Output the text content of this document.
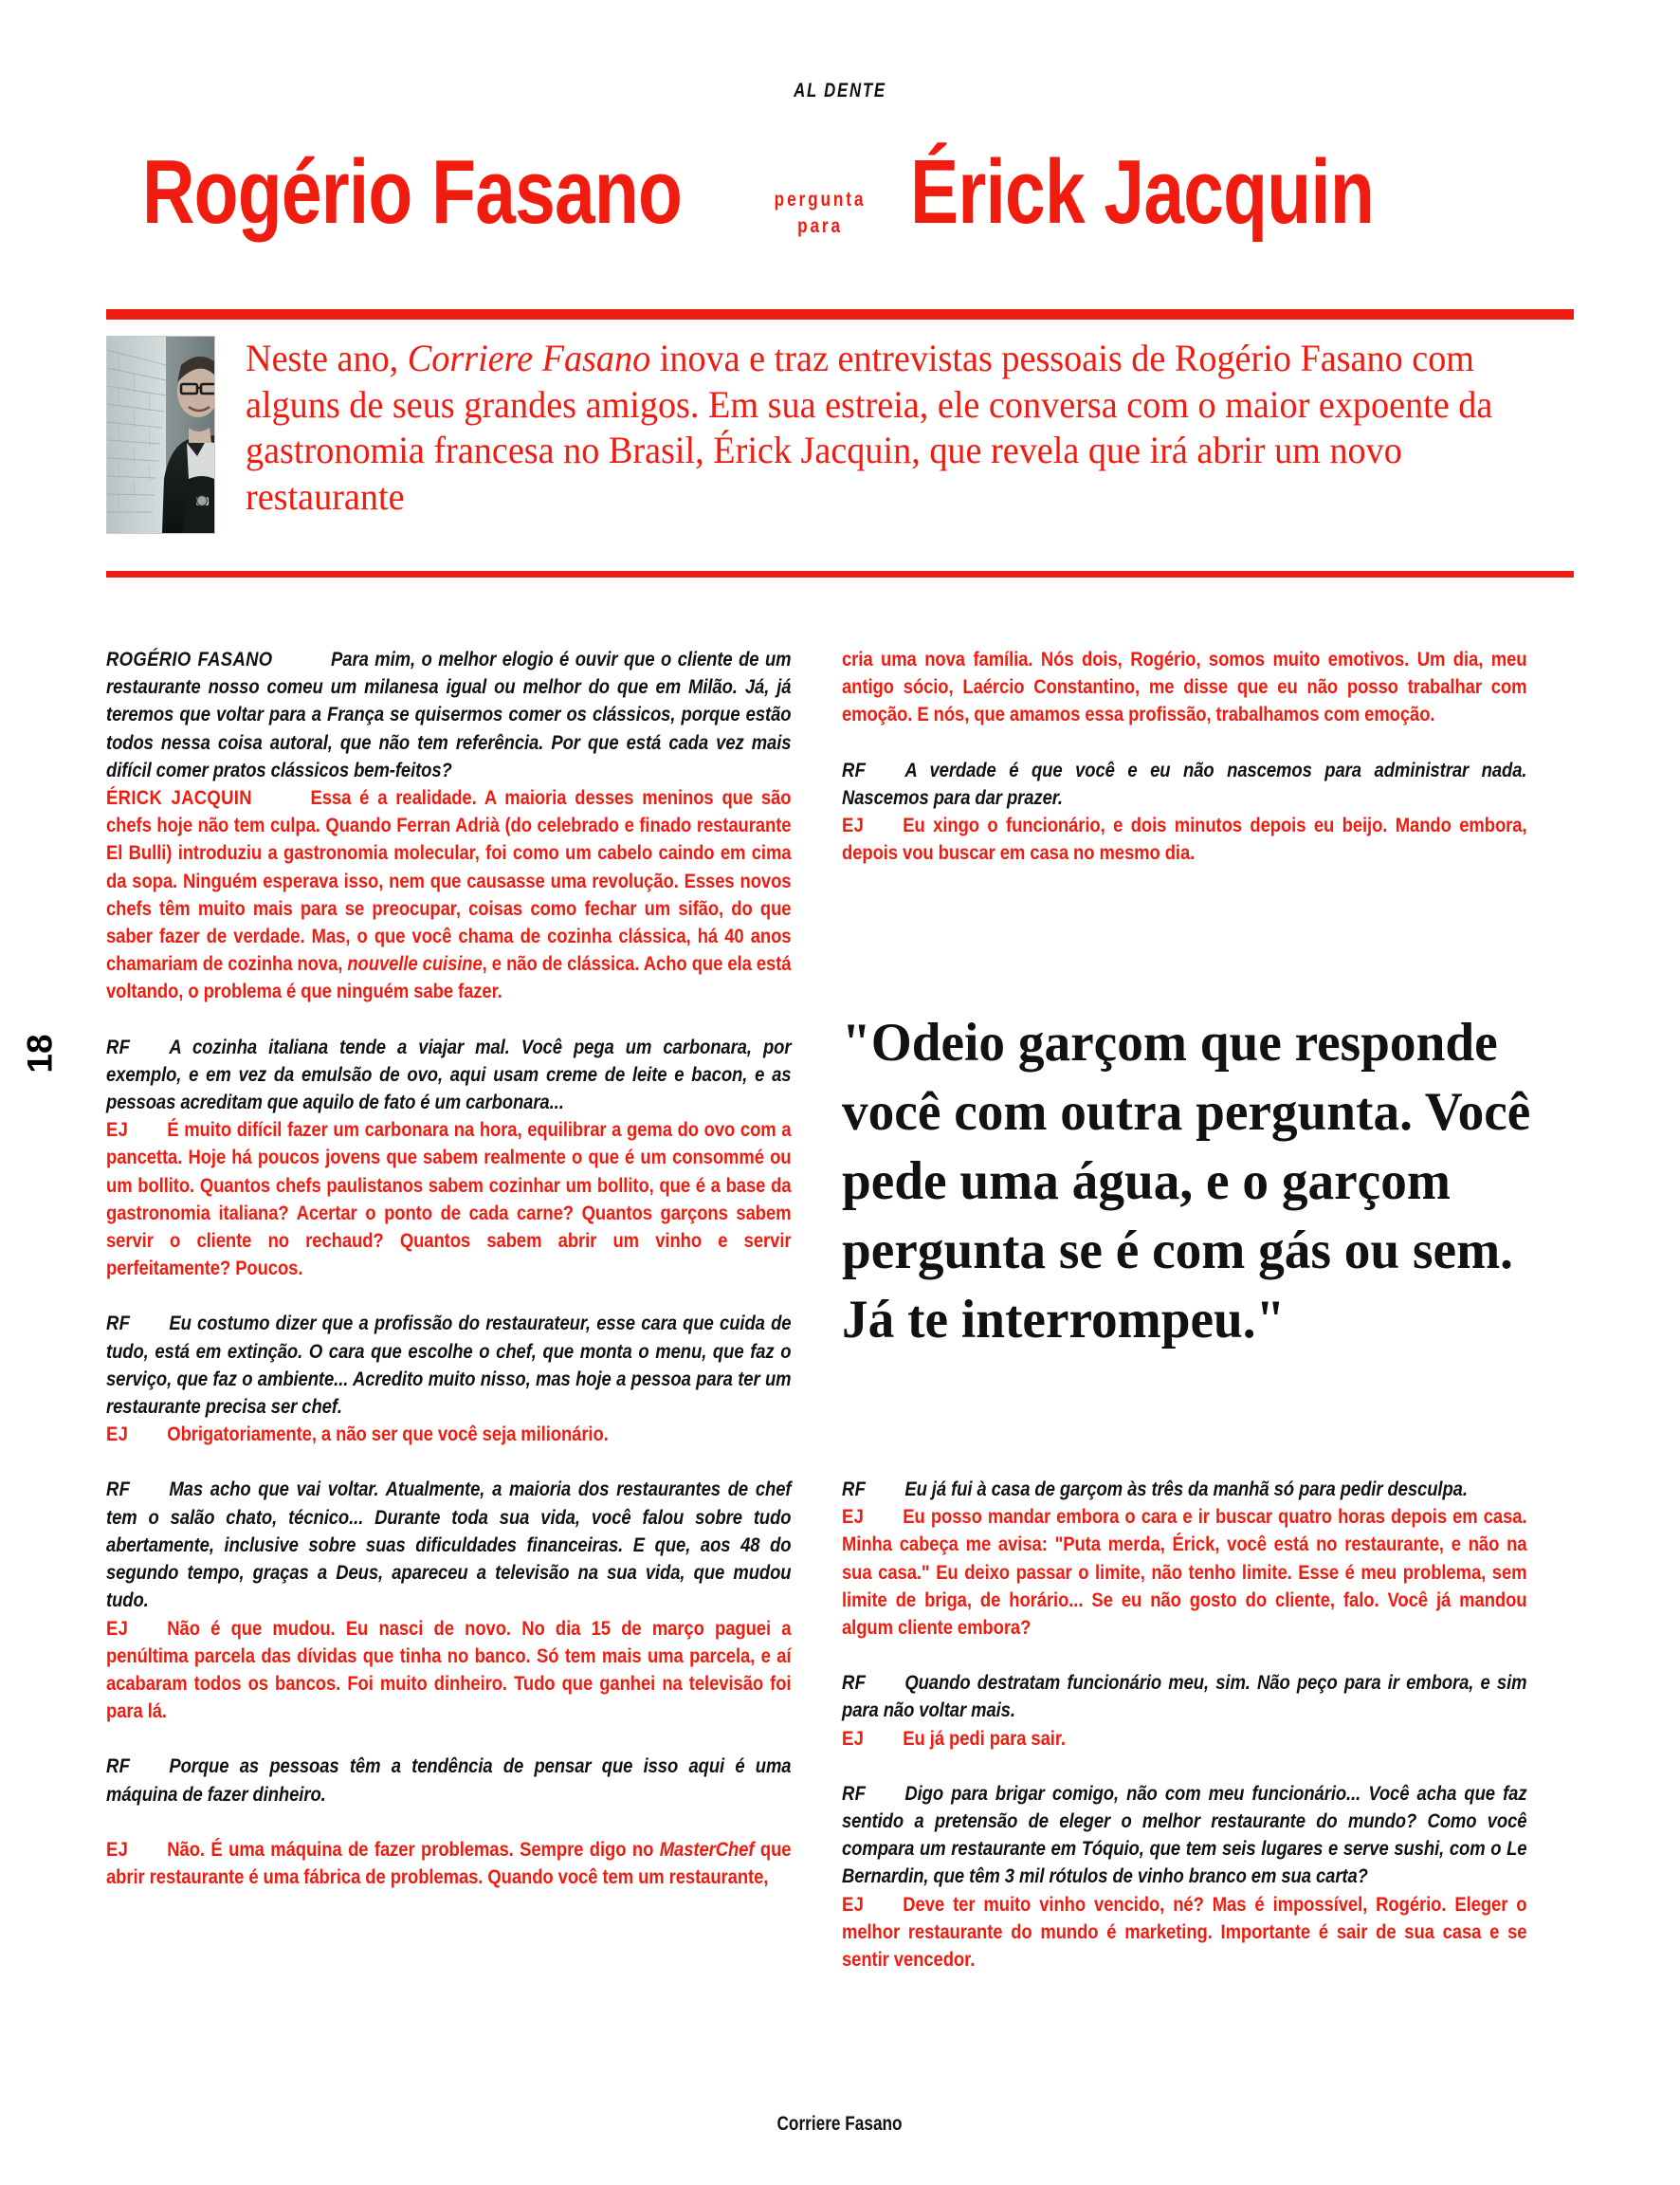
AL DENTE
Rogério Fasano	pergunta
para Érick Jacquin
Neste ano, Corriere Fasano inova e traz entrevistas pessoais de Rogério Fasano com alguns de seus grandes amigos. Em sua estreia, ele conversa com o maior expoente da gastronomia francesa no Brasil, Érick Jacquin, que revela que irá abrir um novo restaurante
18

ROGÉRIO FASANO	Para mim, o melhor elogio é ouvir que o cliente de um restaurante nosso comeu um milanesa igual ou melhor do que em Milão. Já, já teremos que voltar para a França se quisermos comer os clássicos, porque estão todos nessa coisa autoral, que não tem referência. Por que está cada vez mais difícil comer pratos clássicos bem-feitos?

ÉRICK JACQUIN	Essa é a realidade. A maioria desses meninos que são chefs hoje não tem culpa. Quando Ferran Adrià (do celebrado e finado restaurante El Bulli) introduziu a gastronomia molecular, foi como um cabelo caindo em cima da sopa. Ninguém esperava isso, nem que causasse uma revolução. Esses novos chefs têm muito mais para se preocupar, coisas como fechar um sifão, do que saber fazer de verdade. Mas, o que você chama de cozinha clássica, há 40 anos chamariam de cozinha nova, nouvelle cuisine, e não de clássica. Acho que ela está voltando, o problema é que ninguém sabe fazer.

RF A cozinha italiana tende a viajar mal. Você pega um carbonara, por exemplo, e em vez da emulsão de ovo, aqui usam creme de leite e bacon, e as pessoas acreditam que aquilo de fato é um carbonara...

EJ É muito difícil fazer um carbonara na hora, equilibrar a gema do ovo com a pancetta. Hoje há poucos jovens que sabem realmente o que é um consommé ou um bollito. Quantos chefs paulistanos sabem cozinhar um bollito, que é a base da gastronomia italiana? Acertar o ponto de cada carne? Quantos garçons sabem servir o cliente no rechaud? Quantos sabem abrir um vinho e servir perfeitamente? Poucos.

RF Eu costumo dizer que a profissão do restaurateur, esse cara que cuida de tudo, está em extinção. O cara que escolhe o chef, que monta o menu, que faz o serviço, que faz o ambiente... Acredito muito nisso, mas hoje a pessoa para ter um restaurante precisa ser chef.

EJ Obrigatoriamente, a não ser que você seja milionário.

RF Mas acho que vai voltar. Atualmente, a maioria dos restaurantes de chef tem o salão chato, técnico... Durante toda sua vida, você falou sobre tudo abertamente, inclusive sobre suas dificuldades financeiras. E que, aos 48 do segundo tempo, graças a Deus, apareceu a televisão na sua vida, que mudou tudo.

EJ Não é que mudou. Eu nasci de novo. No dia 15 de março paguei a penúltima parcela das dívidas que tinha no banco. Só tem mais uma parcela, e aí acabaram todos os bancos. Foi muito dinheiro. Tudo que ganhei na televisão foi para lá.

RF Porque as pessoas têm a tendência de pensar que isso aqui é uma máquina de fazer dinheiro.

EJ Não. É uma máquina de fazer problemas. Sempre digo no MasterChef que abrir restaurante é uma fábrica de problemas. Quando você tem um restaurante,

cria uma nova família. Nós dois, Rogério, somos muito emotivos. Um dia, meu antigo sócio, Laércio Constantino, me disse que eu não posso trabalhar com emoção. E nós, que amamos essa profissão, trabalhamos com emoção.

RF A verdade é que você e eu não nascemos para administrar nada. Nascemos para dar prazer.

EJ Eu xingo o funcionário, e dois minutos depois eu beijo. Mando embora, depois vou buscar em casa no mesmo dia.

"Odeio garçom que responde você com outra pergunta. Você pede uma água, e o garçom pergunta se é com gás ou sem. Já te interrompeu."

RF Eu já fui à casa de garçom às três da manhã só para pedir desculpa.

EJ Eu posso mandar embora o cara e ir buscar quatro horas depois em casa. Minha cabeça me avisa: "Puta merda, Érick, você está no restaurante, e não na sua casa." Eu deixo passar o limite, não tenho limite. Esse é meu problema, sem limite de briga, de horário... Se eu não gosto do cliente, falo. Você já mandou algum cliente embora?

RF Quando destratam funcionário meu, sim. Não peço para ir embora, e sim para não voltar mais.

EJ Eu já pedi para sair.

RF Digo para brigar comigo, não com meu funcionário... Você acha que faz sentido a pretensão de eleger o melhor restaurante do mundo? Como você compara um restaurante em Tóquio, que tem seis lugares e serve sushi, com o Le Bernardin, que têm 3 mil rótulos de vinho branco em sua carta?

EJ Deve ter muito vinho vencido, né? Mas é impossível, Rogério. Eleger o melhor restaurante do mundo é marketing. Importante é sair de sua casa e se sentir vencedor.

Corriere Fasano
